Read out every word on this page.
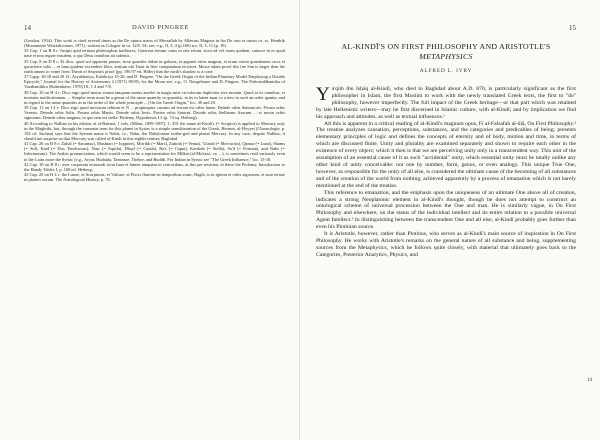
14	DAVID PINGREE

(London, 1914). This work is cited several times as the De opinio maris of Messallah by Albertus Magnus in his De ortu et causis ce. ss. Hendrik (Monumenti Westfalicorum, 1971), written as Cologne in ca. 1251 54; see, e.g., II, 3, 4 (p.160) n.e. II, 3, 11 (p. 10).

35 Cap. 1 on B 8 r: Incipit quid tertium philosophus traditores, Gaerreus tertum cuius in rete eriunt, sicut ad vel cuem quidem, cuiusve in or quod nase et non regiae eiusdem, a quo Deus omnibus ait sidentis.

35 Cap. 8 on D 8 r: Et dico, quod sol apparent passus, sicut quandoc dabat in galaxia, et apparet ortus magnus, et erunt orient quandonem circa et quoschere solis ... et luna quidem excendere libro, tertiuin ulu Tauri in fiter comparatum eiciticet. Messe adaes proof this (ne San is larger than the earth amnes to come from Theon of Smyrna's proof (pp. 196 97 ed. Hiller) that the earth's shadow is a cone.

37 Capp. 16-18 and 20 21; Aryabhatiya, Kalakriya 15-20, and D. Pingree, "On the Greek Origin of the Indian Planetary Model Employing a Double Epicycle," Journal for the History of Astronomy 2 (1971) 80-85; for the Moon see, e.g., O. Neugebauer and D. Pingree, The Pañcasiddhantika of Varahamihira (København, 1970) IX, 1 4 and 7-8.

38 Cap. 10 on H 4 r: Dico ergo quod motus eorum tanquam motus aurelei in magis inter circulorum dupliciter sive monim. Quod at ex omnibus, et invenies notificationem. ... Simpler term must be a genus of the same quantity or quantitis, in its in latent man, to a new in such an order quanta, and in regard to the same quantitis as in the order of the whole principle ... (On the Greek Origin," loc. 30 and 29.

39 Cap. 11 on I 4 r: Dico ergo quod motorum orbium et N ... propinquior currum ad terram est orbis lunae. Deinde orbis Saturnioris. Postea orbis Veneris. Deinde orbis Solis. Postea orbis Martis. Deinde orbis Iovis. Postea orbis Saturni. Deinde orbis Stellarum fixarum ... et novus orbis signorum. Deinde orbis magnus, in quo non est stella. Ptolemy, Hypotheses I 3 (p. 74 sq. Heiberg).

40 According to Nallino in his edition of al-Battani, 1 vols. (Milan, 1899-1907), 1: 291 the name al-Kindi's (= Scriptor) is applied to Mercury only in the Maghribi, but, through the common term for this planet in Syriac is a simple transliteration of the Greek, Hermes, al-Hoyyet (Chronologie, p. 192 cd. Sachau) says that the Syrians name it Nabû, i.e., Nabu, the Babylonian scribe-god and planet Mercury. In any case, despite Nallino, it should not surprise us that Mercury was called al-Kindi in this eighth-century Baghdad.

41 Cap. 26 on H 8 r: Zuhal (= Saturnus), Mushtari (= Iuppiter), Mirrikh (= Mars), Zuhrah (= Venus), 'Utarid (= Mercurius), Qamar (= Luna), Shams (= Sol), Kaid (= Dux Tenebrosus), Nasr (= Aquila), Dhayl (= Cauda), Ra's (= Caput), Kawkab (= Stella), Sa'd (= Fortuna), and Nahs (= Infortunium). The Arabic pronunciation, which would seem to be a representation for Milkat (al-Mu'tazz, ca. ...), is sometimes read variously even to the Latin more the Syriac (e.g., Aryat, Hudaida, Tamonae, Thebre, and Buddh. For Indian in Syriac see "The Greek Influence," loc. 15-18.

42 Cap. 10 on H 8 r: aver corporum eiusmodi sicut luna et lumen tanquam in concordans, at this per nestram, in these the Ptolemy, Introduction to the Handy Tables I, p. 160 ed. Heiberg.

43 Cap. 20 on H 4 r: the Lunae, et Scorpionis, et Vulture, et Piscis flumine in temporibus erunt; Hagib, is in igitem et orbis signorum, et sunt tertiae in plantes eorum. The Astrological History, p. 76.

15
AL-KINDĪ'S ON FIRST PHILOSOPHY AND ARISTOTLE'S
METAPHYSICS
ALFRED L. IVRY

Ya'qūb ibn Isḥāq al-Kindī, who died in Baghdad about A.D. 870, is particularly significant as the first philosopher in Islam, the first Muslim to work with the newly translated Greek texts, the first to "do" philosophy, however imperfectly. The full impact of the Greek heritage—or that part which was retained by late Hellenistic writers—may be first discerned in Islamic culture, with al-Kindī; and by implication we find his approach and attitudes, as well as textual influences.¹

All this is apparent in a critical reading of al-Kindī's magnum opus, Fī al-Falsafah al-ūlā, On First Philosophy.² The treatise analyzes causation, perceptions, substances, and the categories and predicables of being; presents elementary principles of logic and defines the concepts of eternity and of body, motion and time, in terms of which are discussed finite. Unity and plurality are examined separately and shown to require each other in the existence of every object; which it then is that we are perceiving unity only in a transcendent way. This unit of the assumption of an essential cause of it as such "accidental" unity, which essential unity must be totally unlike any other kind of unity conceivable: not one by number, form, genus, or even analogy. This unique True One, however, as responsible for the unity of all else, is considered the ultimate cause of the becoming of all substances and of the creation of the world from nothing, achieved apparently by a process of emanation which is not barely mentioned at the end of the treatise.

This reference to emanation, and the emphasis upon the uniqueness of an ultimate One above all of creation, indicates a strong Neoplatonic element in al-Kindī's thought, though he does not attempt to construct an ontological scheme of universal procession between the One and man. He is similarly vague, in On First Philosophy and elsewhere, on the status of the individual intellect and its entire relation to a possible universal Agent Intellect.³ In distinguishing between the transcendent One and all else, al-Kindī probably goes further than even his Plotinian source.

It is Aristotle, however, rather than Plotinus, who serves as al-Kindī's main source of inspiration in On First Philosophy. He works with Aristotle's remarks on the general nature of all substance and being, supplementing sources from the Metaphysics, which he follows quite closely, with material that ultimately goes back to the Categories, Posterior Analytics, Physics, and

14
